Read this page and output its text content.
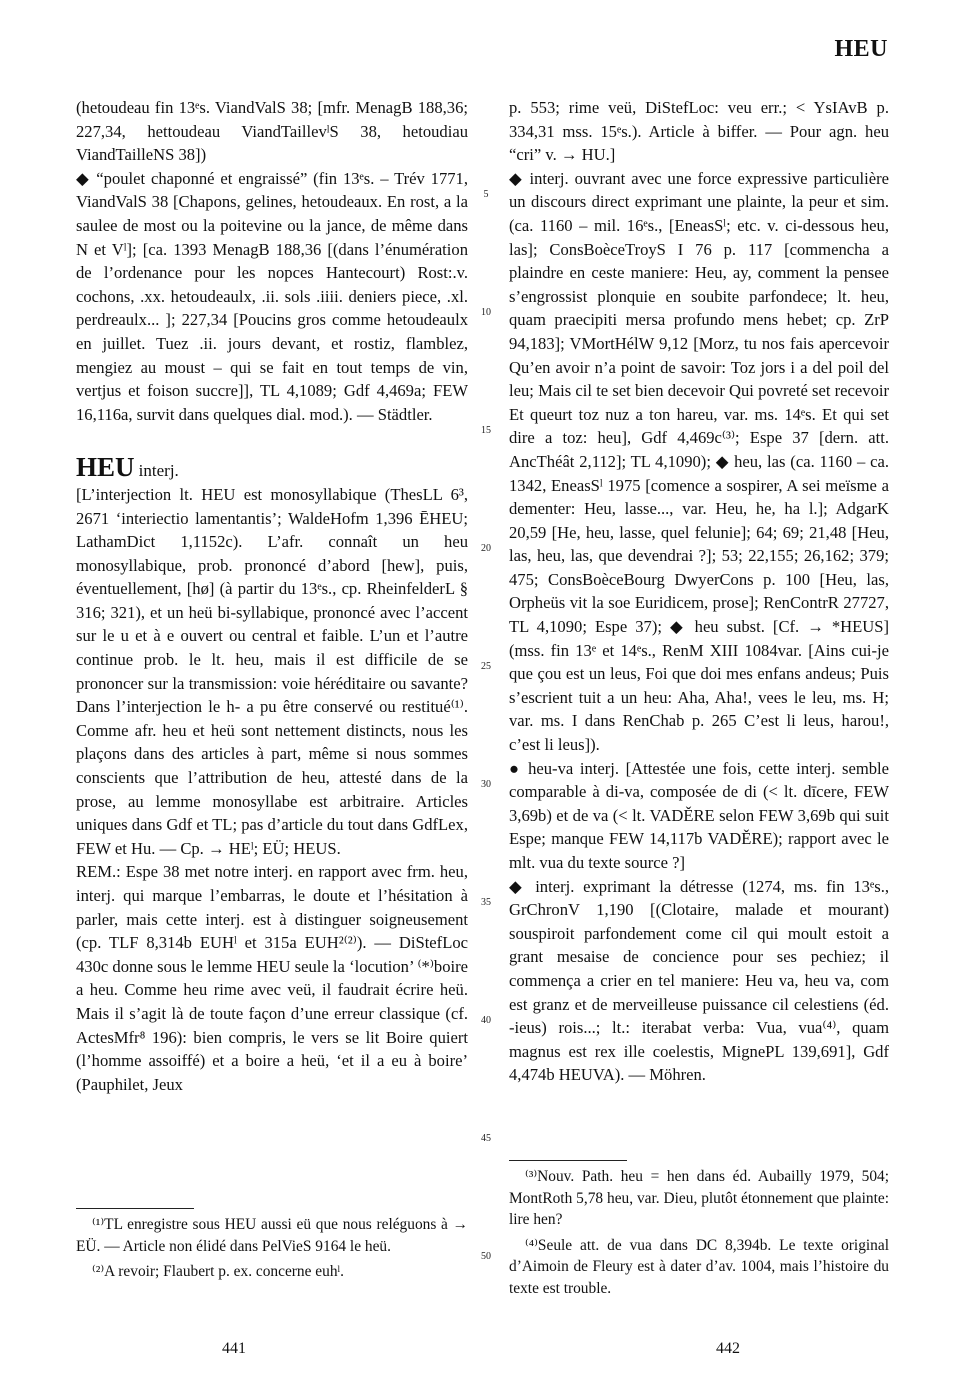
HEU

(hetoudeau fin 13ᵉs. ViandValS 38; [mfr. MenagB 188,36; 227,34, hettoudeau ViandTaillevˡS 38, hetoudiau ViandTailleNS 38])

◆ “poulet chaponné et engraissé” (fin 13ᵉs. – Trév 1771, ViandValS 38 [Chapons, gelines, hetoudeaux. En rost, a la saulee de most ou la poitevine ou la jance, de même dans N et Vˡ]; [ca. 1393 MenagB 188,36 [(dans l’énumération de l’ordenance pour les nopces Hantecourt) Rost:.v. cochons, .xx. hetoudeaulx, .ii. sols .iiii. deniers piece, .xl. perdreaulx... ]; 227,34 [Poucins gros comme hetoudeaulx en juillet. Tuez .ii. jours devant, et rostiz, flamblez, mengiez au moust – qui se fait en tout temps de vin, vertjus et foison succre]], TL 4,1089; Gdf 4,469a; FEW 16,116a, survit dans quelques dial. mod.). — Städtler.

HEU interj.

[L’interjection lt. HEU est monosyllabique (ThesLL 6³, 2671 ‘interiectio lamentantis’; WaldeHofm 1,396 ĒHEU; LathamDict 1,1152c). L’afr. connaît un heu monosyllabique, prob. prononcé d’abord [hew], puis, éventuellement, [hø] (à partir du 13ᵉs., cp. RheinfelderL § 316; 321), et un heü bi-syllabique, prononcé avec l’accent sur le u et à e ouvert ou central et faible. L’un et l’autre continue prob. le lt. heu, mais il est difficile de se prononcer sur la transmission: voie héréditaire ou savante? Dans l’interjection le h- a pu être conservé ou restitué⁽¹⁾. Comme afr. heu et heü sont nettement distincts, nous les plaçons dans des articles à part, même si nous sommes conscients que l’attribution de heu, attesté dans de la prose, au lemme monosyllabe est arbitraire. Articles uniques dans Gdf et TL; pas d’article du tout dans GdfLex, FEW et Hu. — Cp. → HEˡ; EÜ; HEUS.

REM.: Espe 38 met notre interj. en rapport avec frm. heu, interj. qui marque l’embarras, le doute et l’hésitation à parler, mais cette interj. est à distinguer soigneusement (cp. TLF 8,314b EUHˡ et 315a EUH²⁽²⁾). — DiStefLoc 430c donne sous le lemme HEU seule la ‘locution’ ⁽*⁾boire a heu. Comme heu rime avec veü, il faudrait écrire heü. Mais il s’agit là de toute façon d’une erreur classique (cf. ActesMfr⁸ 196): bien compris, le vers se lit Boire quiert (l’homme assoiffé) et a boire a heü, ‘et il a eu à boire’ (Pauphilet, Jeux

p. 553; rime veü, DiStefLoc: veu err.; < YsIAvB p. 334,31 mss. 15ᵉs.). Article à biffer. — Pour agn. heu “cri” v. → HU.]

◆ interj. ouvrant avec une force expressive particulière un discours direct exprimant une plainte, la peur et sim. (ca. 1160 – mil. 16ᵉs., [EneasSˡ; etc. v. ci-dessous heu, las]; ConsBoèceTroyS I 76 p. 117 [commencha a plaindre en ceste maniere: Heu, ay, comment la pensee s’engrossist plonquie en soubite parfondece; lt. heu, quam praecipiti mersa profundo mens hebet; cp. ZrP 94,183]; VMortHélW 9,12 [Morz, tu nos fais apercevoir Qu’en avoir n’a point de savoir: Toz jors i a del poil del leu; Mais cil te set bien decevoir Qui povreté set recevoir Et queurt toz nuz a ton hareu, var. ms. 14ᵉs. Et qui set dire a toz: heu], Gdf 4,469c⁽³⁾; Espe 37 [dern. att. AncThéât 2,112]; TL 4,1090); ◆ heu, las (ca. 1160 – ca. 1342, EneasSˡ 1975 [comence a sospirer, A sei meïsme a dementer: Heu, lasse..., var. Heu, he, ha l.]; AdgarK 20,59 [He, heu, lasse, quel felunie]; 64; 69; 21,48 [Heu, las, heu, las, que devendrai ?]; 53; 22,155; 26,162; 379; 475; ConsBoèceBourg DwyerCons p. 100 [Heu, las, Orpheüs vit la soe Euridicem, prose]; RenContrR 27727, TL 4,1090; Espe 37); ◆ heu subst. [Cf. → *HEUS] (mss. fin 13ᵉ et 14ᵉs., RenM XIII 1084var. [Ains cui-je que çou est un leus, Foi que doi mes enfans andeus; Puis s’escrient tuit a un heu: Aha, Aha!, vees le leu, ms. H; var. ms. I dans RenChab p. 265 C’est li leus, harou!, c’est li leus]).

● heu-va interj. [Attestée une fois, cette interj. semble comparable à di-va, composée de di (< lt. dīcere, FEW 3,69b) et de va (< lt. VADĚRE selon FEW 3,69b qui suit Espe; manque FEW 14,117b VADĚRE); rapport avec le mlt. vua du texte source ?]

◆ interj. exprimant la détresse (1274, ms. fin 13ᵉs., GrChronV 1,190 [(Clotaire, malade et mourant) souspiroit parfondement come cil qui moult estoit a grant mesaise de concience pour ses pechiez; il commença a crier en tel maniere: Heu va, heu va, com est granz et de merveilleuse puissance cil celestiens (éd. -ieus) rois...; lt.: iterabat verba: Vua, vua⁽⁴⁾, quam magnus est rex ille coelestis, MignePL 139,691], Gdf 4,474b HEUVA). — Möhren.

5
10
15
20
25
30
35
40
45
50

⁽¹⁾TL enregistre sous HEU aussi eü que nous reléguons à → EÜ. — Article non élidé dans PelVieS 9164 le heü.

⁽²⁾A revoir; Flaubert p. ex. concerne euhˡ.

⁽³⁾Nouv. Path. heu = hen dans éd. Aubailly 1979, 504; MontRoth 5,78 heu, var. Dieu, plutôt étonnement que plainte: lire hen?

⁽⁴⁾Seule att. de vua dans DC 8,394b. Le texte original d’Aimoin de Fleury est à dater d’av. 1004, mais l’histoire du texte est trouble.

441	442
